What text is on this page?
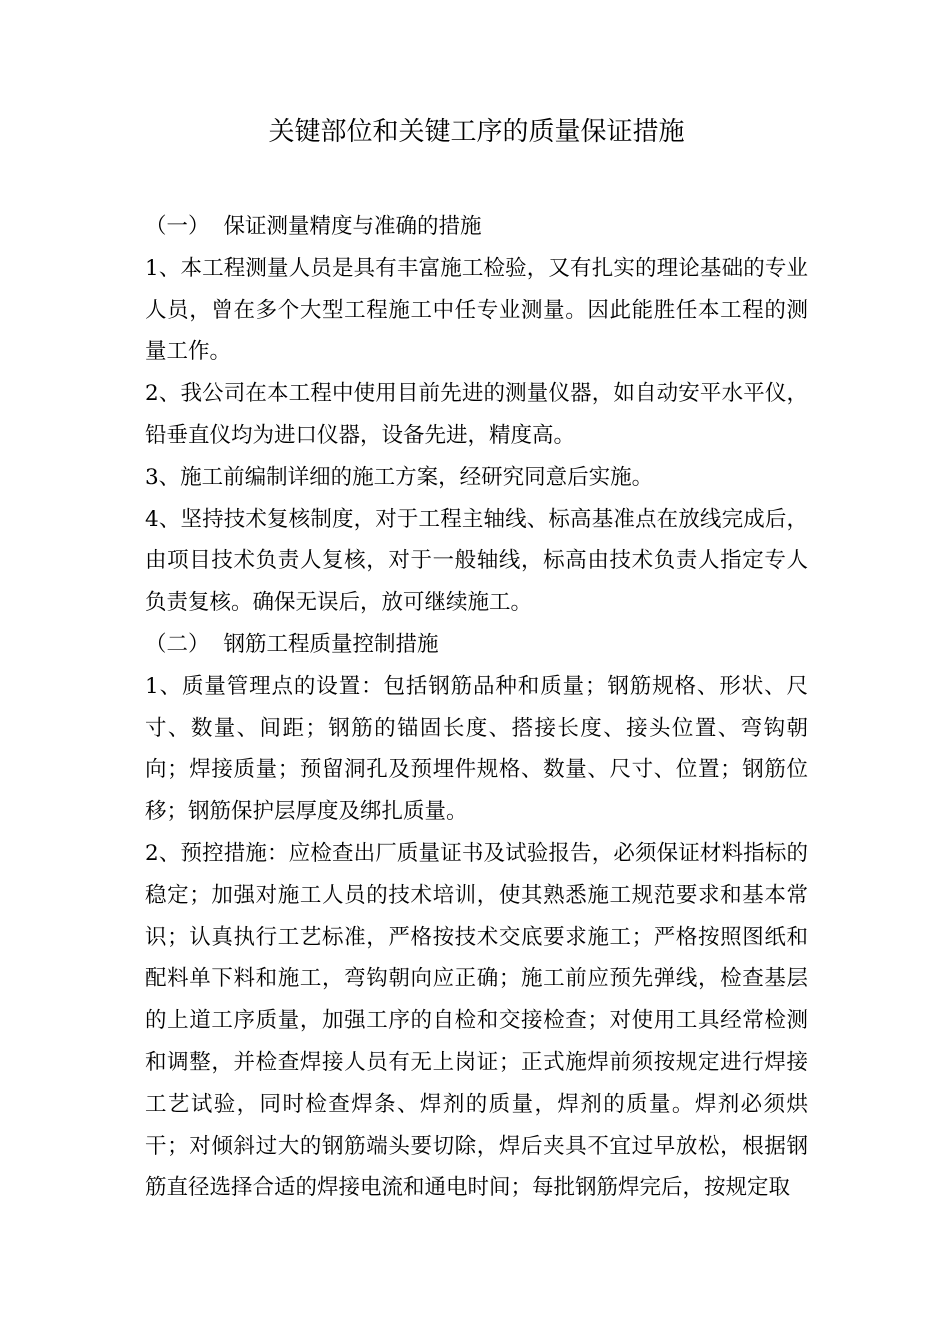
关键部位和关键工序的质量保证措施

（一） 保证测量精度与准确的措施

1、本工程测量人员是具有丰富施工检验，又有扎实的理论基础的专业人员，曾在多个大型工程施工中任专业测量。因此能胜任本工程的测量工作。

2、我公司在本工程中使用目前先进的测量仪器，如自动安平水平仪，铅垂直仪均为进口仪器，设备先进，精度高。

3、施工前编制详细的施工方案，经研究同意后实施。

4、坚持技术复核制度，对于工程主轴线、标高基准点在放线完成后，由项目技术负责人复核，对于一般轴线，标高由技术负责人指定专人负责复核。确保无误后，放可继续施工。

（二） 钢筋工程质量控制措施

1、质量管理点的设置：包括钢筋品种和质量；钢筋规格、形状、尺寸、数量、间距；钢筋的锚固长度、搭接长度、接头位置、弯钩朝向；焊接质量；预留洞孔及预埋件规格、数量、尺寸、位置；钢筋位移；钢筋保护层厚度及绑扎质量。

2、预控措施：应检查出厂质量证书及试验报告，必须保证材料指标的稳定；加强对施工人员的技术培训，使其熟悉施工规范要求和基本常识；认真执行工艺标准，严格按技术交底要求施工；严格按照图纸和配料单下料和施工，弯钩朝向应正确；施工前应预先弹线，检查基层的上道工序质量，加强工序的自检和交接检查；对使用工具经常检测和调整，并检查焊接人员有无上岗证；正式施焊前须按规定进行焊接工艺试验，同时检查焊条、焊剂的质量，焊剂的质量。焊剂必须烘干；对倾斜过大的钢筋端头要切除，焊后夹具不宜过早放松，根据钢筋直径选择合适的焊接电流和通电时间；每批钢筋焊完后，按规定取
